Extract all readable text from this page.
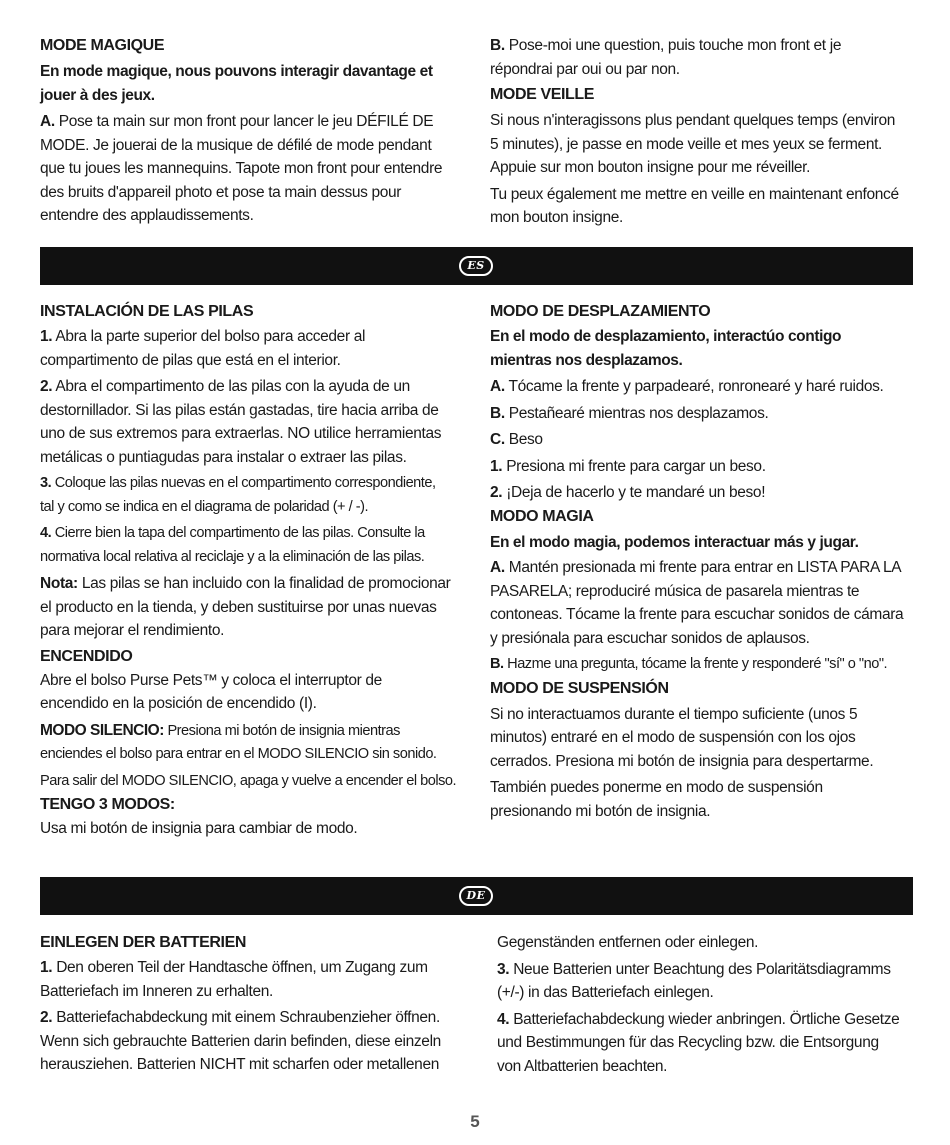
MODE MAGIQUE
En mode magique, nous pouvons interagir davantage et
jouer à des jeux.

A. Pose ta main sur mon front pour lancer le jeu DÉFILÉ DE

MODE. Je jouerai de la musique de défilé de mode pendant

que tu joues les mannequins. Tapote mon front pour entendre

des bruits d'appareil photo et pose ta main dessus pour

entendre des applaudissements.

B. Pose-moi une question, puis touche mon front et je

répondrai par oui ou par non.

MODE VEILLE

Si nous n'interagissons plus pendant quelques temps (environ

5 minutes), je passe en mode veille et mes yeux se ferment.

Appuie sur mon bouton insigne pour me réveiller.

Tu peux également me mettre en veille en maintenant enfoncé

mon bouton insigne.

ES
INSTALACIÓN DE LAS PILAS

1. Abra la parte superior del bolso para acceder al

compartimento de pilas que está en el interior.

2. Abra el compartimento de las pilas con la ayuda de un

destornillador. Si las pilas están gastadas, tire hacia arriba de

uno de sus extremos para extraerlas. NO utilice herramientas

metálicas o puntiagudas para instalar o extraer las pilas.

3. Coloque las pilas nuevas en el compartimento correspondiente,

tal y como se indica en el diagrama de polaridad (+ / -).

4. Cierre bien la tapa del compartimento de las pilas. Consulte la

normativa local relativa al reciclaje y a la eliminación de las pilas.

Nota: Las pilas se han incluido con la finalidad de promocionar

el producto en la tienda, y deben sustituirse por unas nuevas

para mejorar el rendimiento.

ENCENDIDO

Abre el bolso Purse Pets™ y coloca el interruptor de

encendido en la posición de encendido (I).

MODO SILENCIO: Presiona mi botón de insignia mientras

enciendes el bolso para entrar en el MODO SILENCIO sin sonido.

Para salir del MODO SILENCIO, apaga y vuelve a encender el bolso.

TENGO 3 MODOS:

Usa mi botón de insignia para cambiar de modo.

MODO DE DESPLAZAMIENTO
En el modo de desplazamiento, interactúo contigo
mientras nos desplazamos.

A. Tócame la frente y parpadearé, ronronearé y haré ruidos.

B. Pestañearé mientras nos desplazamos.

C. Beso

1. Presiona mi frente para cargar un beso.

2. ¡Deja de hacerlo y te mandaré un beso!

MODO MAGIA
En el modo magia, podemos interactuar más y jugar.

A. Mantén presionada mi frente para entrar en LISTA PARA LA

PASARELA; reproduciré música de pasarela mientras te

contoneas. Tócame la frente para escuchar sonidos de cámara

y presiónala para escuchar sonidos de aplausos.

B. Hazme una pregunta, tócame la frente y responderé "sí" o "no".

MODO DE SUSPENSIÓN

Si no interactuamos durante el tiempo suficiente (unos 5

minutos) entraré en el modo de suspensión con los ojos

cerrados. Presiona mi botón de insignia para despertarme.

También puedes ponerme en modo de suspensión

presionando mi botón de insignia.

DE
EINLEGEN DER BATTERIEN

1. Den oberen Teil der Handtasche öffnen, um Zugang zum

Batteriefach im Inneren zu erhalten.

2. Batteriefachabdeckung mit einem Schraubenzieher öffnen.

Wenn sich gebrauchte Batterien darin befinden, diese einzeln

herausziehen. Batterien NICHT mit scharfen oder metallenen

Gegenständen entfernen oder einlegen.

3. Neue Batterien unter Beachtung des Polaritätsdiagramms

(+/-) in das Batteriefach einlegen.

4. Batteriefachabdeckung wieder anbringen. Örtliche Gesetze

und Bestimmungen für das Recycling bzw. die Entsorgung

von Altbatterien beachten.

5
